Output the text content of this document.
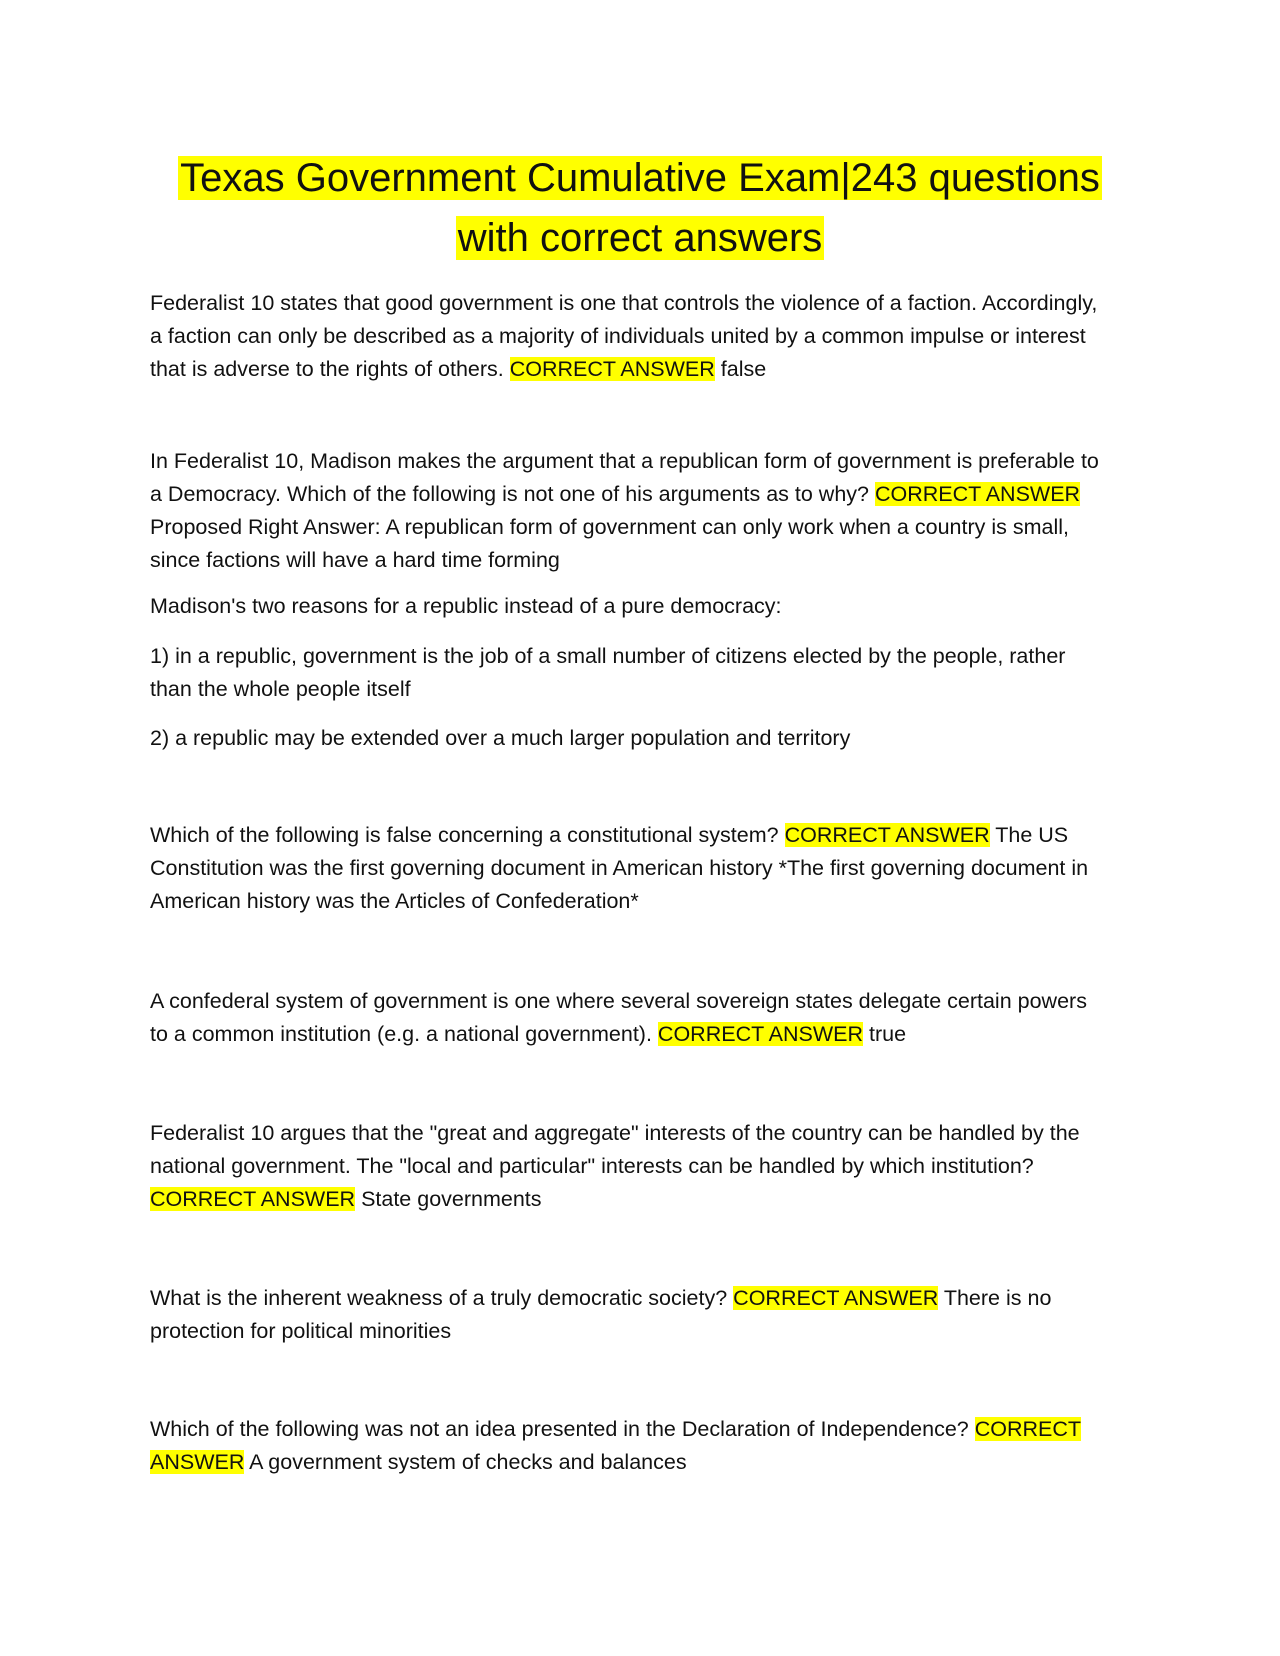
Texas Government Cumulative Exam|243 questions
with correct answers

Federalist 10 states that good government is one that controls the violence of a faction. Accordingly, a faction can only be described as a majority of individuals united by a common impulse or interest that is adverse to the rights of others. CORRECT ANSWER false

In Federalist 10, Madison makes the argument that a republican form of government is preferable to a Democracy. Which of the following is not one of his arguments as to why? CORRECT ANSWER Proposed Right Answer: A republican form of government can only work when a country is small, since factions will have a hard time forming

Madison's two reasons for a republic instead of a pure democracy:

1) in a republic, government is the job of a small number of citizens elected by the people, rather than the whole people itself

2) a republic may be extended over a much larger population and territory

Which of the following is false concerning a constitutional system? CORRECT ANSWER The US Constitution was the first governing document in American history *The first governing document in American history was the Articles of Confederation*

A confederal system of government is one where several sovereign states delegate certain powers to a common institution (e.g. a national government). CORRECT ANSWER true

Federalist 10 argues that the "great and aggregate" interests of the country can be handled by the national government. The "local and particular" interests can be handled by which institution? CORRECT ANSWER State governments

What is the inherent weakness of a truly democratic society? CORRECT ANSWER There is no protection for political minorities

Which of the following was not an idea presented in the Declaration of Independence? CORRECT ANSWER A government system of checks and balances
